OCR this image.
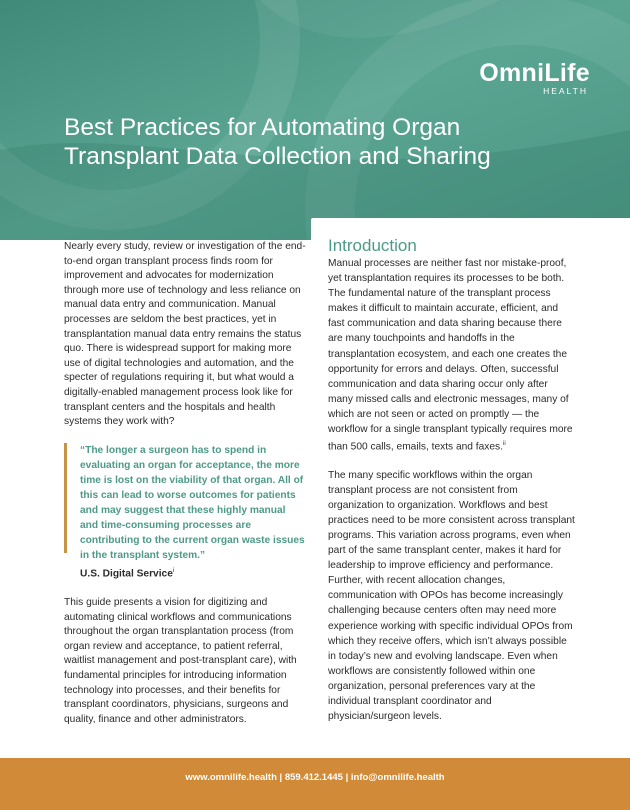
OmniLife
HEALTH
Best Practices for Automating Organ Transplant Data Collection and Sharing

Nearly every study, review or investigation of the end-to-end organ transplant process finds room for improvement and advocates for modernization through more use of technology and less reliance on manual data entry and communication. Manual processes are seldom the best practices, yet in transplantation manual data entry remains the status quo. There is widespread support for making more use of digital technologies and automation, and the specter of regulations requiring it, but what would a digitally-enabled management process look like for transplant centers and the hospitals and health systems they work with?

“The longer a surgeon has to spend in evaluating an organ for acceptance, the more time is lost on the viability of that organ. All of this can lead to worse outcomes for patients and may suggest that these highly manual and time-consuming processes are contributing to the current organ waste issues in the transplant system.”

U.S. Digital Service$^i$

This guide presents a vision for digitizing and automating clinical workflows and communications throughout the organ transplantation process (from organ review and acceptance, to patient referral, waitlist management and post-transplant care), with fundamental principles for introducing information technology into processes, and their benefits for transplant coordinators, physicians, surgeons and quality, finance and other administrators.

Introduction

Manual processes are neither fast nor mistake-proof, yet transplantation requires its processes to be both. The fundamental nature of the transplant process makes it difficult to maintain accurate, efficient, and fast communication and data sharing because there are many touchpoints and handoffs in the transplantation ecosystem, and each one creates the opportunity for errors and delays. Often, successful communication and data sharing occur only after many missed calls and electronic messages, many of which are not seen or acted on promptly — the workflow for a single transplant typically requires more than 500 calls, emails, texts and faxes.$^{ii}$

The many specific workflows within the organ transplant process are not consistent from organization to organization. Workflows and best practices need to be more consistent across transplant programs. This variation across programs, even when part of the same transplant center, makes it hard for leadership to improve efficiency and performance. Further, with recent allocation changes, communication with OPOs has become increasingly challenging because centers often may need more experience working with specific individual OPOs from which they receive offers, which isn’t always possible in today’s new and evolving landscape. Even when workflows are consistently followed within one organization, personal preferences vary at the individual transplant coordinator and physician/surgeon levels.

www.omnilife.health | 859.412.1445 | info@omnilife.health
